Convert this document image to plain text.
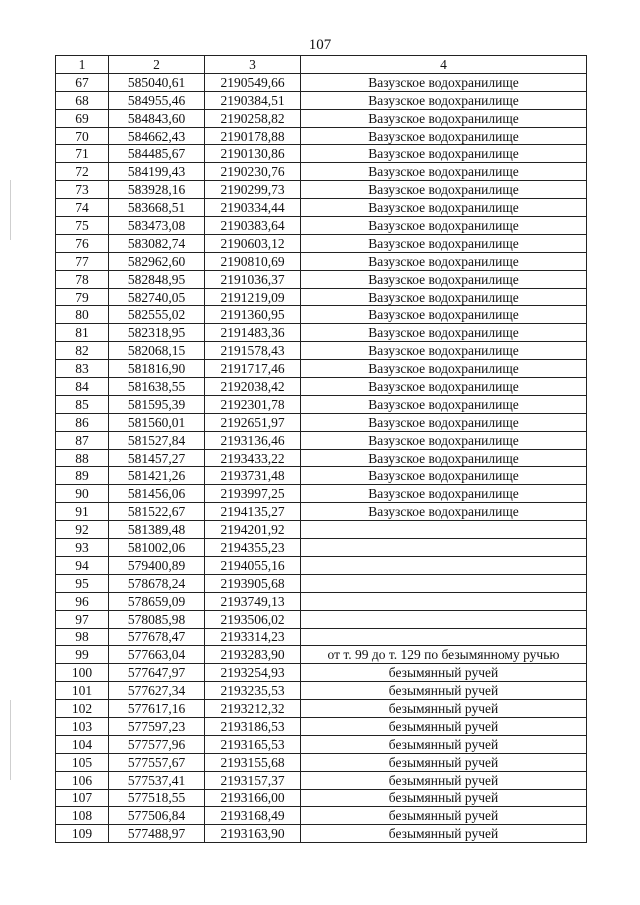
107
1	2	3	4
67	585040,61	2190549,66	Вазузское водохранилище
68	584955,46	2190384,51	Вазузское водохранилище
69	584843,60	2190258,82	Вазузское водохранилище
70	584662,43	2190178,88	Вазузское водохранилище
71	584485,67	2190130,86	Вазузское водохранилище
72	584199,43	2190230,76	Вазузское водохранилище
73	583928,16	2190299,73	Вазузское водохранилище
74	583668,51	2190334,44	Вазузское водохранилище
75	583473,08	2190383,64	Вазузское водохранилище
76	583082,74	2190603,12	Вазузское водохранилище
77	582962,60	2190810,69	Вазузское водохранилище
78	582848,95	2191036,37	Вазузское водохранилище
79	582740,05	2191219,09	Вазузское водохранилище
80	582555,02	2191360,95	Вазузское водохранилище
81	582318,95	2191483,36	Вазузское водохранилище
82	582068,15	2191578,43	Вазузское водохранилище
83	581816,90	2191717,46	Вазузское водохранилище
84	581638,55	2192038,42	Вазузское водохранилище
85	581595,39	2192301,78	Вазузское водохранилище
86	581560,01	2192651,97	Вазузское водохранилище
87	581527,84	2193136,46	Вазузское водохранилище
88	581457,27	2193433,22	Вазузское водохранилище
89	581421,26	2193731,48	Вазузское водохранилище
90	581456,06	2193997,25	Вазузское водохранилище
91	581522,67	2194135,27	Вазузское водохранилище
92	581389,48	2194201,92	
93	581002,06	2194355,23	
94	579400,89	2194055,16	
95	578678,24	2193905,68	
96	578659,09	2193749,13	
97	578085,98	2193506,02	
98	577678,47	2193314,23	
99	577663,04	2193283,90	от т. 99 до т. 129 по безымянному ручью
100	577647,97	2193254,93	безымянный ручей
101	577627,34	2193235,53	безымянный ручей
102	577617,16	2193212,32	безымянный ручей
103	577597,23	2193186,53	безымянный ручей
104	577577,96	2193165,53	безымянный ручей
105	577557,67	2193155,68	безымянный ручей
106	577537,41	2193157,37	безымянный ручей
107	577518,55	2193166,00	безымянный ручей
108	577506,84	2193168,49	безымянный ручей
109	577488,97	2193163,90	безымянный ручей
